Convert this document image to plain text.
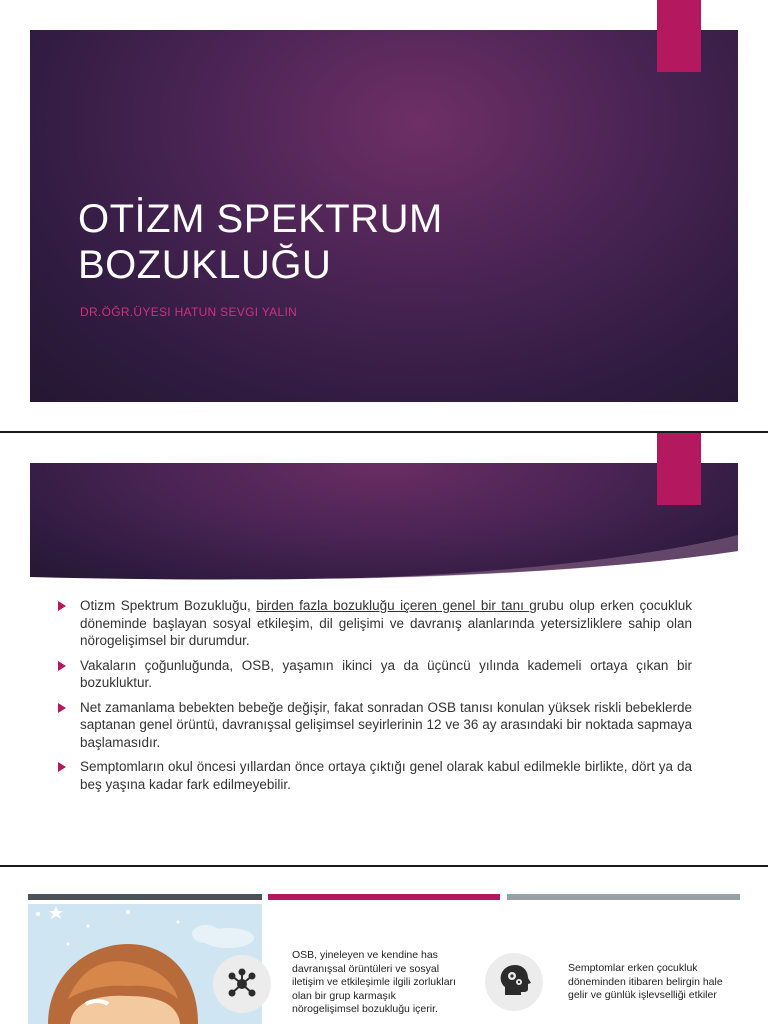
OTİZM SPEKTRUM
BOZUKLUĞU
DR.ÖĞR.ÜYESI HATUN SEVGI YALIN
Otizm Spektrum Bozukluğu, birden fazla bozukluğu içeren genel bir tanı grubu olup erken çocukluk döneminde başlayan sosyal etkileşim, dil gelişimi ve davranış alanlarında yetersizliklere sahip olan nörogelişimsel bir durumdur.
Vakaların çoğunluğunda, OSB, yaşamın ikinci ya da üçüncü yılında kademeli ortaya çıkan bir bozukluktur.
Net zamanlama bebekten bebeğe değişir, fakat sonradan OSB tanısı konulan yüksek riskli bebeklerde saptanan genel örüntü, davranışsal gelişimsel seyirlerinin 12 ve 36 ay arasındaki bir noktada sapmaya başlamasıdır.
Semptomların okul öncesi yıllardan önce ortaya çıktığı genel olarak kabul edilmekle birlikte, dört ya da beş yaşına kadar fark edilmeyebilir.
OSB, yineleyen ve kendine has davranışsal örüntüleri ve sosyal iletişim ve etkileşimle ilgili zorlukları olan bir grup karmaşık nörogelişimsel bozukluğu içerir.
Semptomlar erken çocukluk döneminden itibaren belirgin hale gelir ve günlük işlevselliği etkiler
